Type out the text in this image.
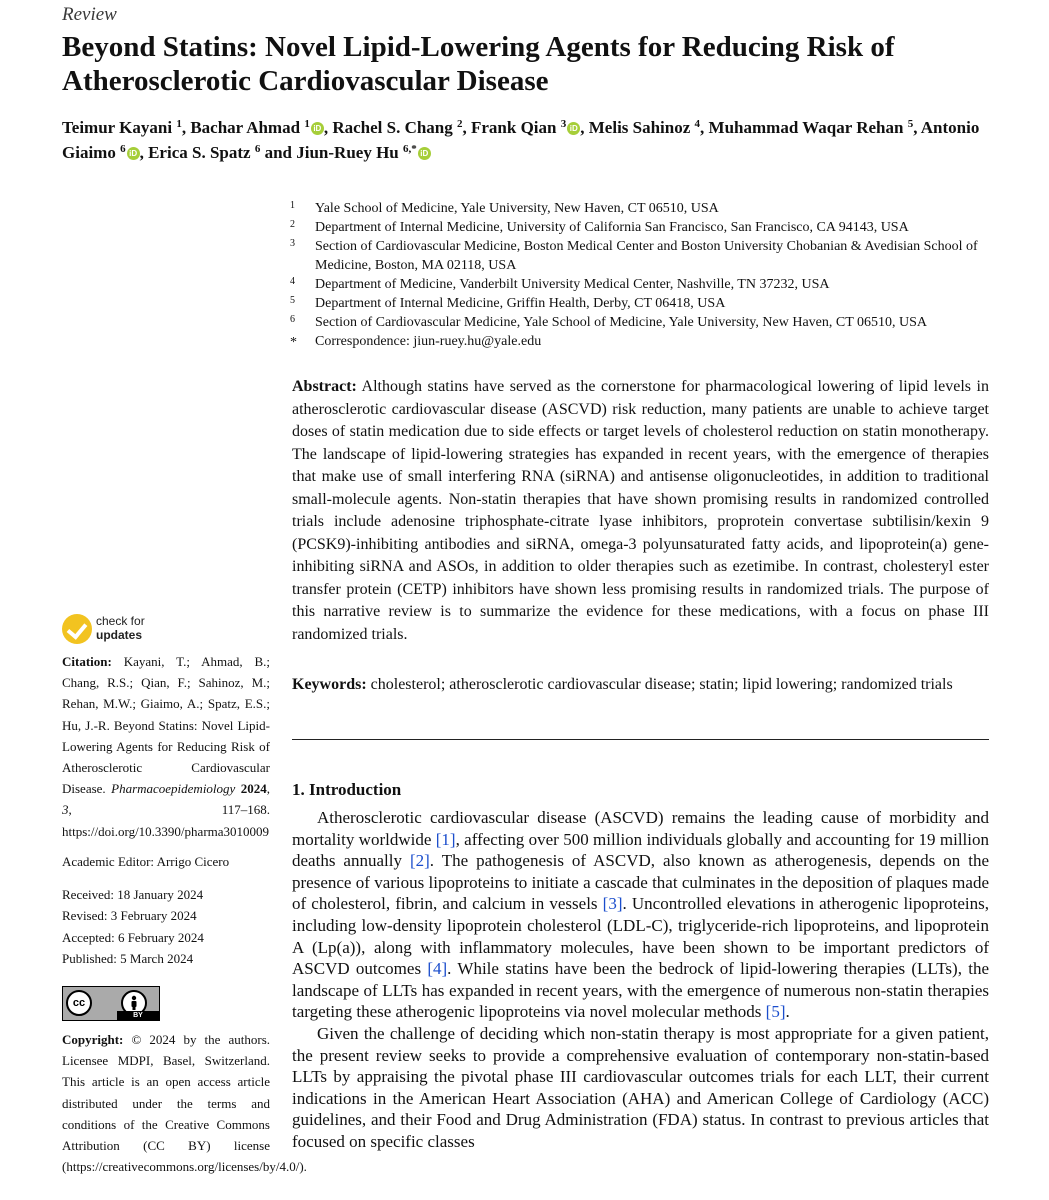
Review
Beyond Statins: Novel Lipid-Lowering Agents for Reducing Risk of Atherosclerotic Cardiovascular Disease
Teimur Kayani $^1$, Bachar Ahmad $^1$ iD , Rachel S. Chang $^2$, Frank Qian $^3$ iD , Melis Sahinoz $^4$, Muhammad Waqar Rehan $^5$, Antonio Giaimo $^6$ iD , Erica S. Spatz $^6$ and Jiun-Ruey Hu $^{6,*}$ iD
1 Yale School of Medicine, Yale University, New Haven, CT 06510, USA
2 Department of Internal Medicine, University of California San Francisco, San Francisco, CA 94143, USA
3 Section of Cardiovascular Medicine, Boston Medical Center and Boston University Chobanian & Avedisian School of Medicine, Boston, MA 02118, USA
4 Department of Medicine, Vanderbilt University Medical Center, Nashville, TN 37232, USA
5 Department of Internal Medicine, Griffin Health, Derby, CT 06418, USA
6 Section of Cardiovascular Medicine, Yale School of Medicine, Yale University, New Haven, CT 06510, USA
* Correspondence: jiun-ruey.hu@yale.edu
Abstract: Although statins have served as the cornerstone for pharmacological lowering of lipid levels in atherosclerotic cardiovascular disease (ASCVD) risk reduction, many patients are unable to achieve target doses of statin medication due to side effects or target levels of cholesterol reduction on statin monotherapy. The landscape of lipid-lowering strategies has expanded in recent years, with the emergence of therapies that make use of small interfering RNA (siRNA) and antisense oligonucleotides, in addition to traditional small-molecule agents. Non-statin therapies that have shown promising results in randomized controlled trials include adenosine triphosphate-citrate lyase inhibitors, proprotein convertase subtilisin/kexin 9 (PCSK9)-inhibiting antibodies and siRNA, omega-3 polyunsaturated fatty acids, and lipoprotein(a) gene-inhibiting siRNA and ASOs, in addition to older therapies such as ezetimibe. In contrast, cholesteryl ester transfer protein (CETP) inhibitors have shown less promising results in randomized trials. The purpose of this narrative review is to summarize the evidence for these medications, with a focus on phase III randomized trials.
Keywords: cholesterol; atherosclerotic cardiovascular disease; statin; lipid lowering; randomized trials
1. Introduction

Atherosclerotic cardiovascular disease (ASCVD) remains the leading cause of morbidity and mortality worldwide [1], affecting over 500 million individuals globally and accounting for 19 million deaths annually [2]. The pathogenesis of ASCVD, also known as atherogenesis, depends on the presence of various lipoproteins to initiate a cascade that culminates in the deposition of plaques made of cholesterol, fibrin, and calcium in vessels [3]. Uncontrolled elevations in atherogenic lipoproteins, including low-density lipoprotein cholesterol (LDL-C), triglyceride-rich lipoproteins, and lipoprotein A (Lp(a)), along with inflammatory molecules, have been shown to be important predictors of ASCVD outcomes [4]. While statins have been the bedrock of lipid-lowering therapies (LLTs), the landscape of LLTs has expanded in recent years, with the emergence of numerous non-statin therapies targeting these atherogenic lipoproteins via novel molecular methods [5].

Given the challenge of deciding which non-statin therapy is most appropriate for a given patient, the present review seeks to provide a comprehensive evaluation of contemporary non-statin-based LLTs by appraising the pivotal phase III cardiovascular outcomes trials for each LLT, their current indications in the American Heart Association (AHA) and American College of Cardiology (ACC) guidelines, and their Food and Drug Administration (FDA) status. In contrast to previous articles that focused on specific classes

check for
updates
Citation: Kayani, T.; Ahmad, B.; Chang, R.S.; Qian, F.; Sahinoz, M.; Rehan, M.W.; Giaimo, A.; Spatz, E.S.; Hu, J.-R. Beyond Statins: Novel Lipid-Lowering Agents for Reducing Risk of Atherosclerotic Cardiovascular Disease. Pharmacoepidemiology 2024, 3, 117–168. https://doi.org/10.3390/pharma3010009
Academic Editor: Arrigo Cicero
Received: 18 January 2024
Revised: 3 February 2024
Accepted: 6 February 2024
Published: 5 March 2024
cc
BY
Copyright: © 2024 by the authors. Licensee MDPI, Basel, Switzerland. This article is an open access article distributed under the terms and conditions of the Creative Commons Attribution (CC BY) license (https://creativecommons.org/licenses/by/4.0/).
